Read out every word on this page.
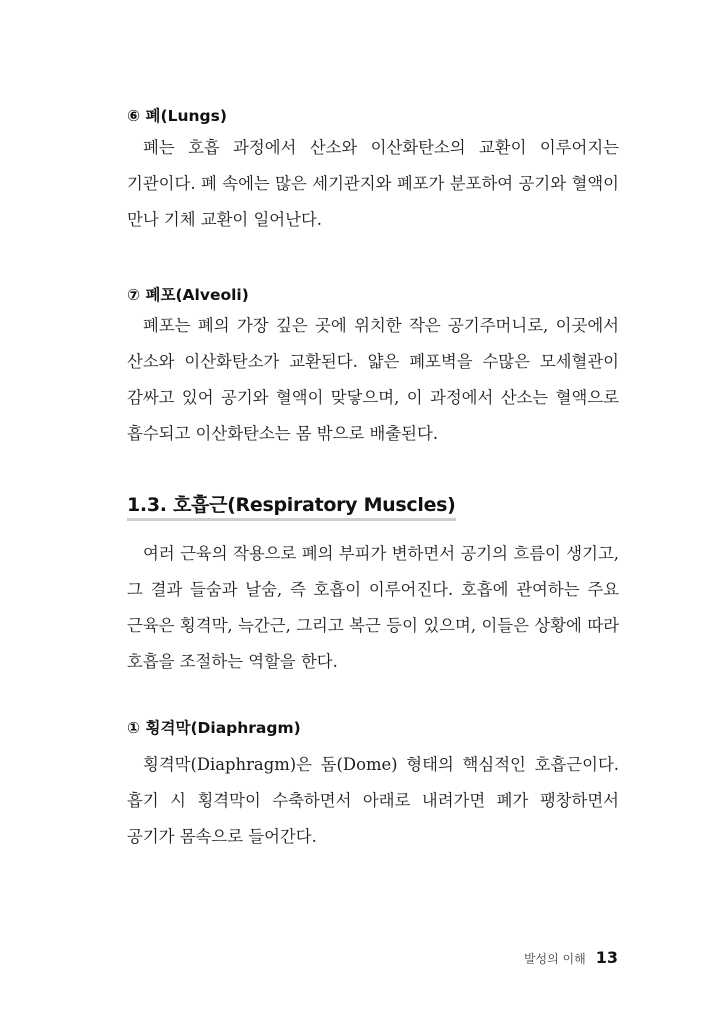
⑥ 폐(Lungs)

폐는 호흡 과정에서 산소와 이산화탄소의 교환이 이루어지는 기관이다. 폐 속에는 많은 세기관지와 폐포가 분포하여 공기와 혈액이 만나 기체 교환이 일어난다.

⑦ 폐포(Alveoli)

폐포는 폐의 가장 깊은 곳에 위치한 작은 공기주머니로, 이곳에서 산소와 이산화탄소가 교환된다. 얇은 폐포벽을 수많은 모세혈관이 감싸고 있어 공기와 혈액이 맞닿으며, 이 과정에서 산소는 혈액으로 흡수되고 이산화탄소는 몸 밖으로 배출된다.

1.3. 호흡근(Respiratory Muscles)

여러 근육의 작용으로 폐의 부피가 변하면서 공기의 흐름이 생기고, 그 결과 들숨과 날숨, 즉 호흡이 이루어진다. 호흡에 관여하는 주요 근육은 횡격막, 늑간근, 그리고 복근 등이 있으며, 이들은 상황에 따라 호흡을 조절하는 역할을 한다.

① 횡격막(Diaphragm)

횡격막(Diaphragm)은 돔(Dome) 형태의 핵심적인 호흡근이다. 흡기 시 횡격막이 수축하면서 아래로 내려가면 폐가 팽창하면서 공기가 몸속으로 들어간다.

발성의 이해 13
